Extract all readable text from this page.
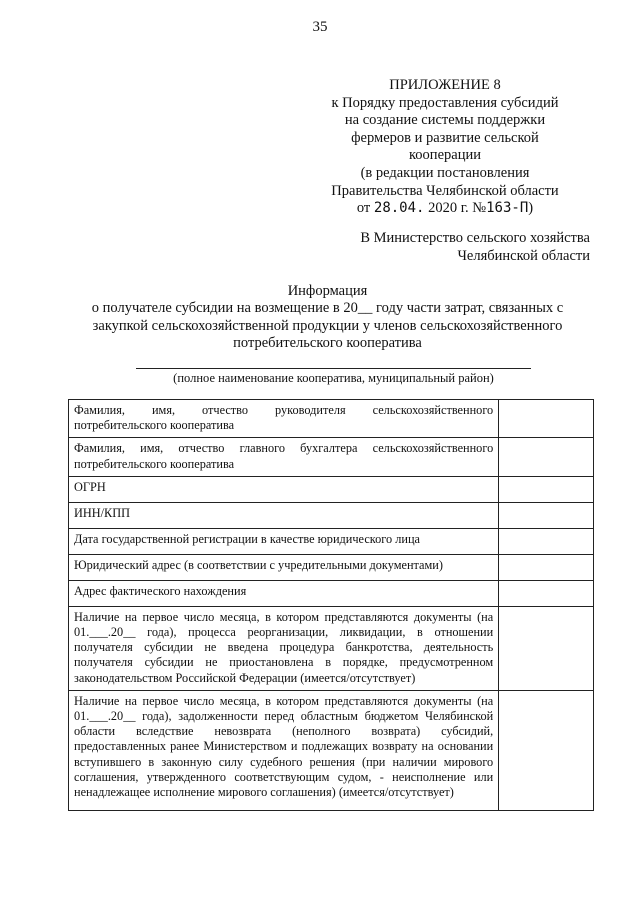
35
ПРИЛОЖЕНИЕ 8
к Порядку предоставления субсидий
на создание системы поддержки
фермеров и развитие сельской
кооперации
(в редакции постановления
Правительства Челябинской области
от 28.04. 2020 г. №163-П)
В Министерство сельского хозяйства
Челябинской области
Информация
о получателе субсидии на возмещение в 20__ году части затрат, связанных с
закупкой сельскохозяйственной продукции у членов сельскохозяйственного
потребительского кооператива
(полное наименование кооператива, муниципальный район)
Фамилия, имя, отчество руководителя сельскохозяйственного потребительского кооператива	
Фамилия, имя, отчество главного бухгалтера сельскохозяйственного потребительского кооператива	
ОГРН	
ИНН/КПП	
Дата государственной регистрации в качестве юридического лица	
Юридический адрес (в соответствии с учредительными документами)	
Адрес фактического нахождения	
Наличие на первое число месяца, в котором представляются документы (на 01.___.20__ года), процесса реорганизации, ликвидации, в отношении получателя субсидии не введена процедура банкротства, деятельность получателя субсидии не приостановлена в порядке, предусмотренном законодательством Российской Федерации (имеется/отсутствует)	
Наличие на первое число месяца, в котором представляются документы (на 01.___.20__ года), задолженности перед областным бюджетом Челябинской области вследствие невозврата (неполного возврата) субсидий, предоставленных ранее Министерством и подлежащих возврату на основании вступившего в законную силу судебного решения (при наличии мирового соглашения, утвержденного соответствующим судом, - неисполнение или ненадлежащее исполнение мирового соглашения) (имеется/отсутствует)	
